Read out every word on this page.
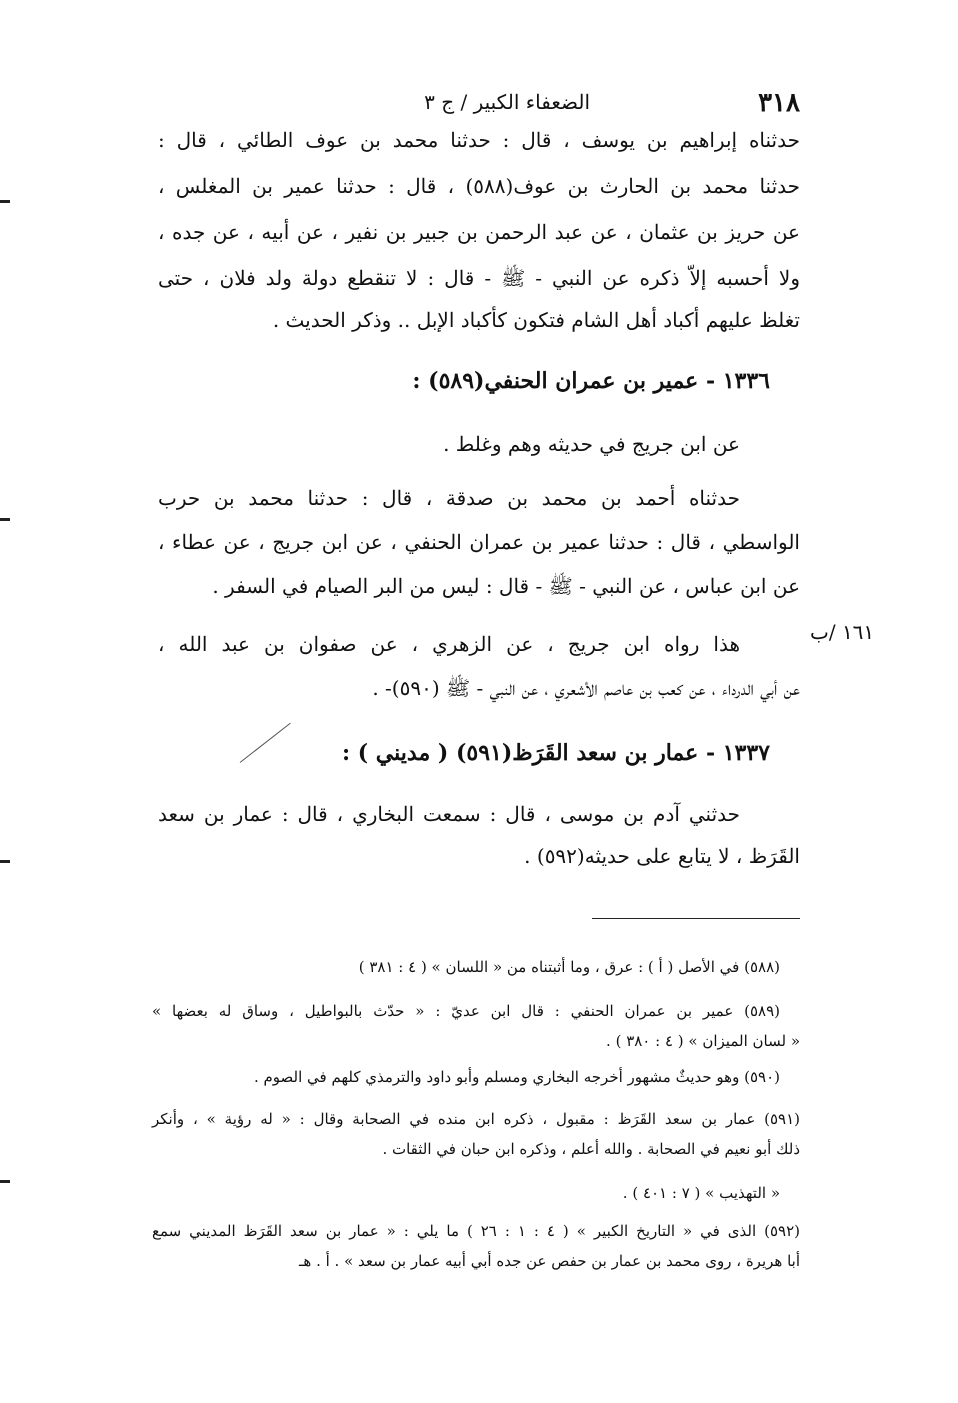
٣١٨
الضعفاء الكبير / ج ٣
حدثناه إبراهيم بن يوسف ، قال : حدثنا محمد بن عوف الطائي ، قال :
حدثنا محمد بن الحارث بن عوف(٥٨٨) ، قال : حدثنا عمير بن المغلس ،
عن حريز بن عثمان ، عن عبد الرحمن بن جبير بن نفير ، عن أبيه ، عن جده ،
ولا أحسبه إلاّ ذكره عن النبي - ﷺ - قال : لا تنقطع دولة ولد فلان ، حتى
تغلظ عليهم أكباد أهل الشام فتكون كأكباد الإبل .. وذكر الحديث .
١٣٣٦ - عمير بن عمران الحنفي(٥٨٩) :
عن ابن جريج في حديثه وهم وغلط .
حدثناه أحمد بن محمد بن صدقة ، قال : حدثنا محمد بن حرب
الواسطي ، قال : حدثنا عمير بن عمران الحنفي ، عن ابن جريج ، عن عطاء ،
عن ابن عباس ، عن النبي - ﷺ - قال : ليس من البر الصيام في السفر .
هذا رواه ابن جريج ، عن الزهري ، عن صفوان بن عبد الله ،
عن أبي الدرداء ، عن كعب بن عاصم الأشعري ، عن النبي - ﷺ (٥٩٠)- .
١٦١ /ب
١٣٣٧ - عمار بن سعد القَرَظ(٥٩١) ( مديني ) :
حدثني آدم بن موسى ، قال : سمعت البخاري ، قال : عمار بن سعد
القَرَظ ، لا يتابع على حديثه(٥٩٢) .
(٥٨٨) في الأصل ( أ ) : عرق ، وما أثبتناه من « اللسان » ( ٤ : ٣٨١ )
(٥٨٩) عمير بن عمران الحنفي : قال ابن عديّ : « حدّث بالبواطيل ، وساق له بعضها »
« لسان الميزان » ( ٤ : ٣٨٠ ) .
(٥٩٠) وهو حديثٌ مشهور أخرجه البخاري ومسلم وأبو داود والترمذي كلهم في الصوم .
(٥٩١) عمار بن سعد القَرَظ : مقبول ، ذكره ابن منده في الصحابة وقال : « له رؤية » ، وأنكر
ذلك أبو نعيم في الصحابة . والله أعلم ، وذكره ابن حبان في الثقات .
« التهذيب » ( ٧ : ٤٠١ ) .
(٥٩٢) الذى في « التاريخ الكبير » ( ٤ : ١ : ٢٦ ) ما يلي : « عمار بن سعد القَرَظ المديني سمع
أبا هريرة ، روى محمد بن عمار بن حفص عن جده أبي أبيه عمار بن سعد » . أ . هـ
